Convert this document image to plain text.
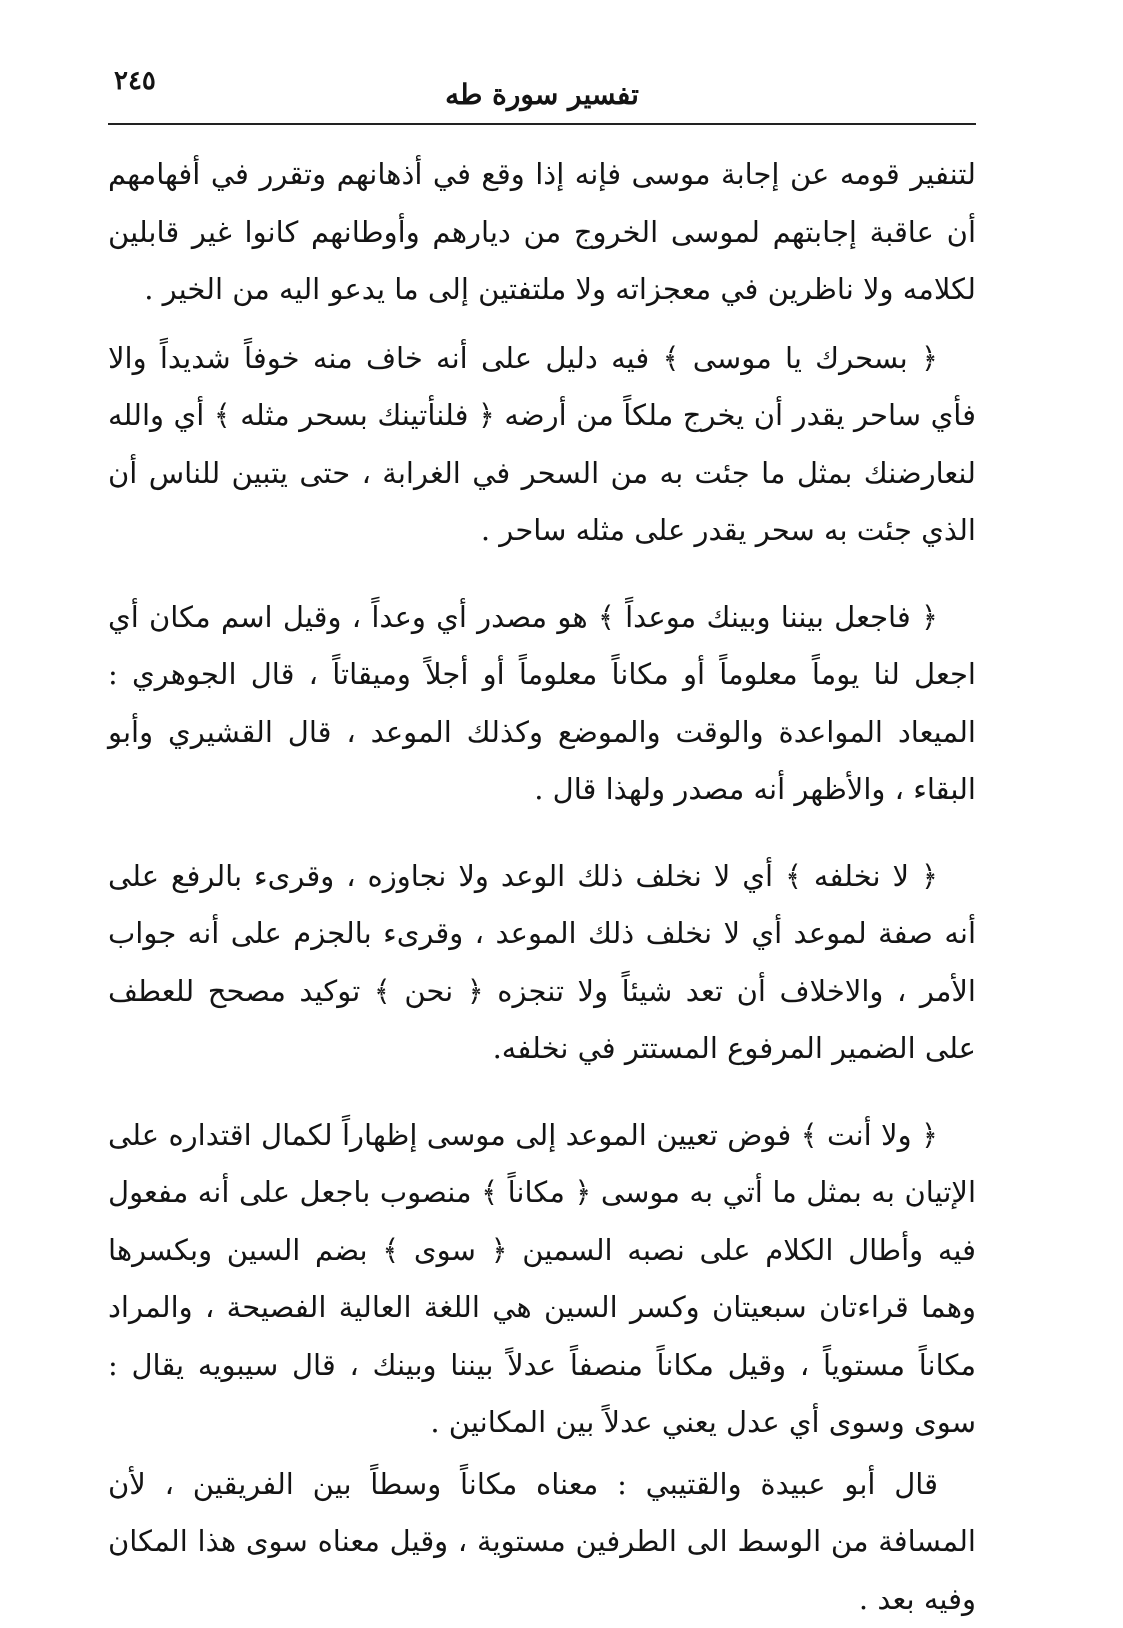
٢٤٥	تفسير سورة طه

لتنفير قومه عن إجابة موسى فإنه إذا وقع في أذهانهم وتقرر في أفهامهم أن عاقبة إجابتهم لموسى الخروج من ديارهم وأوطانهم كانوا غير قابلين لكلامه ولا ناظرين في معجزاته ولا ملتفتين إلى ما يدعو اليه من الخير .

﴿ بسحرك يا موسى ﴾ فيه دليل على أنه خاف منه خوفاً شديداً والا فأي ساحر يقدر أن يخرج ملكاً من أرضه ﴿ فلنأتينك بسحر مثله ﴾ أي والله لنعارضنك بمثل ما جئت به من السحر في الغرابة ، حتى يتبين للناس أن الذي جئت به سحر يقدر على مثله ساحر .

﴿ فاجعل بيننا وبينك موعداً ﴾ هو مصدر أي وعداً ، وقيل اسم مكان أي اجعل لنا يوماً معلوماً أو مكاناً معلوماً أو أجلاً وميقاتاً ، قال الجوهري : الميعاد المواعدة والوقت والموضع وكذلك الموعد ، قال القشيري وأبو البقاء ، والأظهر أنه مصدر ولهذا قال .

﴿ لا نخلفه ﴾ أي لا نخلف ذلك الوعد ولا نجاوزه ، وقرىء بالرفع على أنه صفة لموعد أي لا نخلف ذلك الموعد ، وقرىء بالجزم على أنه جواب الأمر ، والاخلاف أن تعد شيئاً ولا تنجزه ﴿ نحن ﴾ توكيد مصحح للعطف على الضمير المرفوع المستتر في نخلفه.

﴿ ولا أنت ﴾ فوض تعيين الموعد إلى موسى إظهاراً لكمال اقتداره على الإتيان به بمثل ما أتي به موسى ﴿ مكاناً ﴾ منصوب باجعل على أنه مفعول فيه وأطال الكلام على نصبه السمين ﴿ سوى ﴾ بضم السين وبكسرها وهما قراءتان سبعيتان وكسر السين هي اللغة العالية الفصيحة ، والمراد مكاناً مستوياً ، وقيل مكاناً منصفاً عدلاً بيننا وبينك ، قال سيبويه يقال : سوى وسوى أي عدل يعني عدلاً بين المكانين .

قال أبو عبيدة والقتيبي : معناه مكاناً وسطاً بين الفريقين ، لأن المسافة من الوسط الى الطرفين مستوية ، وقيل معناه سوى هذا المكان وفيه بعد .
